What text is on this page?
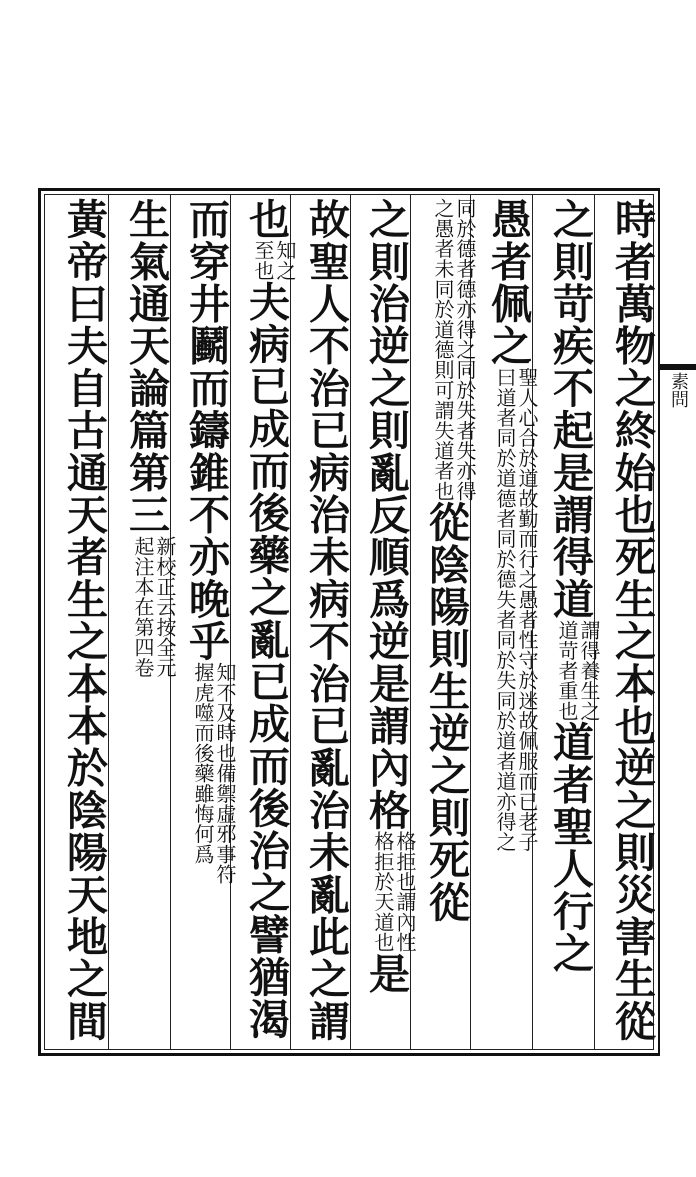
素問
時者萬物之終始也死生之本也逆之則災害生從
之則苛疾不起是謂得道
謂得養生之
道苛者重也
道者聖人行之
愚者佩之
聖人心合於道故勤而行之愚者性守於迷故佩服而已老子
曰道者同於道德者同於德失者同於失同於道者道亦得之
同於德者德亦得之同於失者失亦得
之愚者未同於道德則可謂失道者也
從陰陽則生逆之則死從
之則治逆之則亂反順爲逆是謂內格
格拒也謂內性
格拒於天道也
是
故聖人不治已病治未病不治已亂治未亂此之謂
也
知之
至也
夫病已成而後藥之亂已成而後治之譬猶渴
而穿井鬬而鑄錐不亦晚乎
知不及時也備禦虛邪事符
握虎噬而後藥雖悔何爲
生氣通天論篇第三
新校正云按全元
起注本在第四卷
黃帝曰夫自古通天者生之本本於陰陽天地之間
